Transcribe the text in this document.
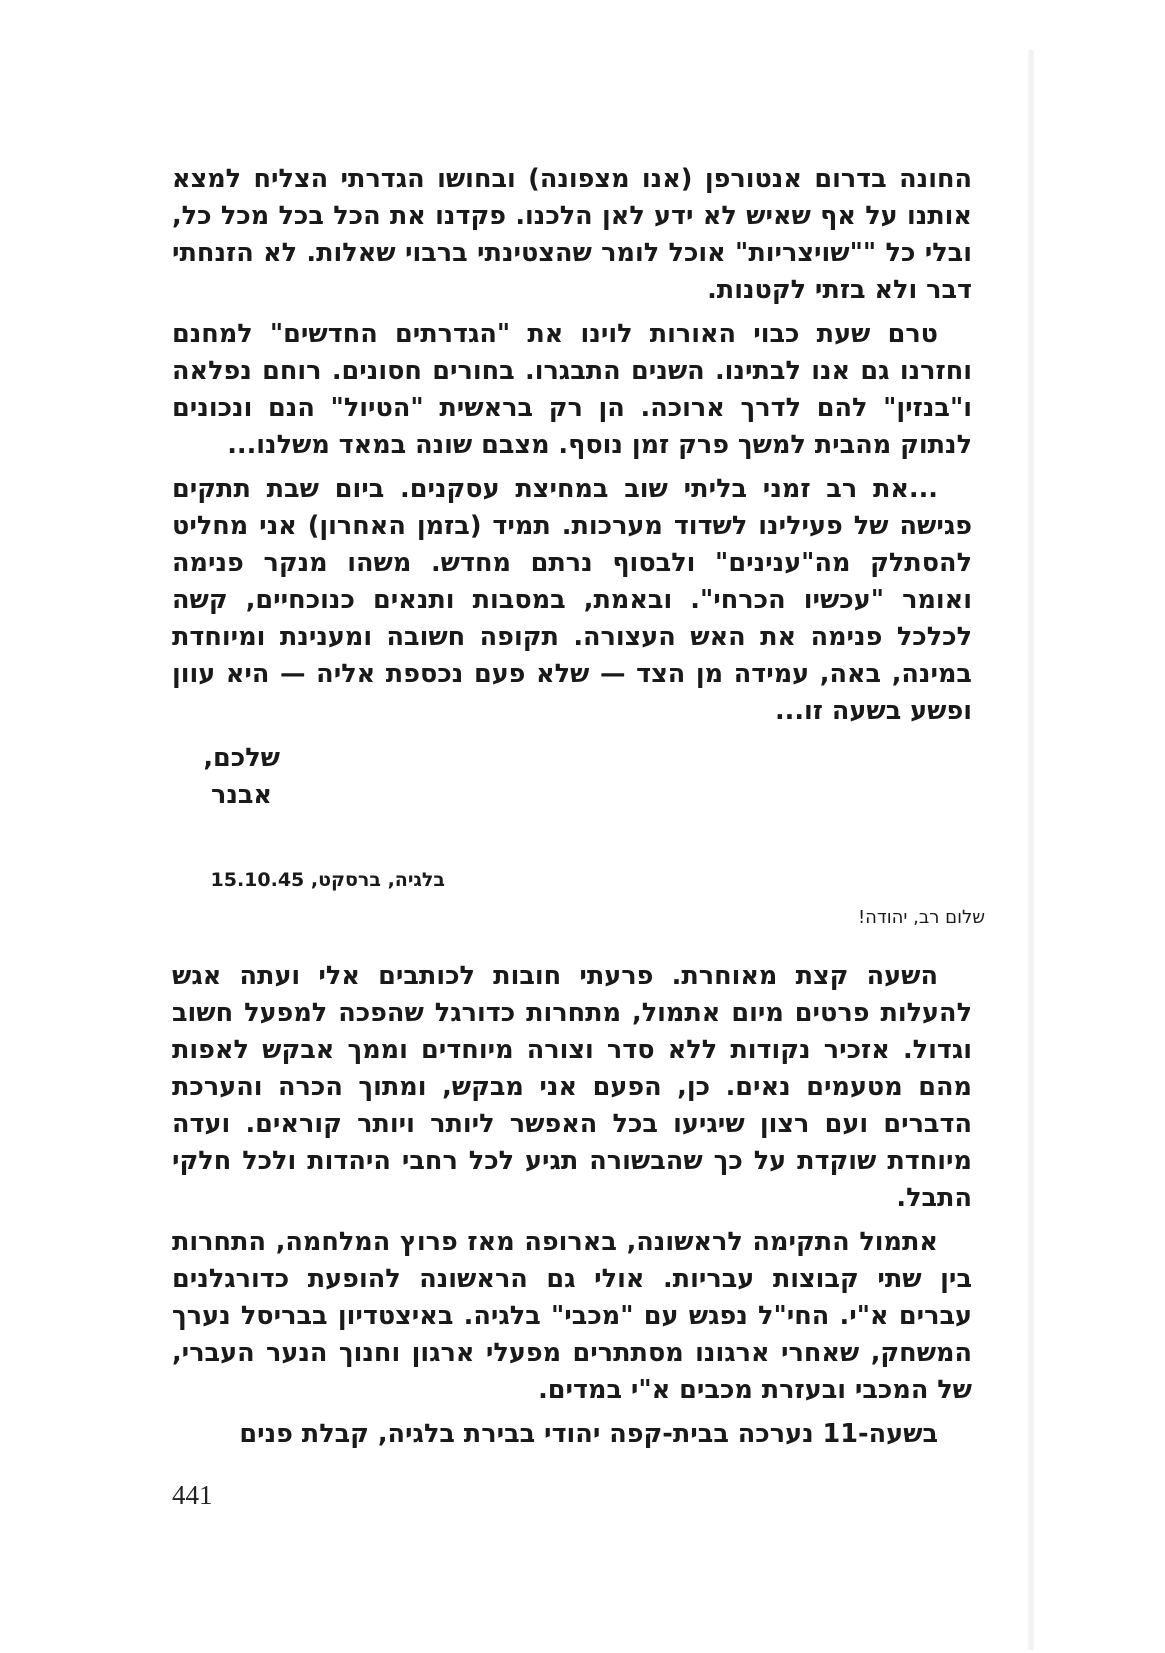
החונה בדרום אנטורפן (אנו מצפונה) ובחושו הגדרתי הצליח למצא אותנו על אף שאיש לא ידע לאן הלכנו. פקדנו את הכל בכל מכל כל, ובלי כל ""שויצריות" אוכל לומר שהצטינתי ברבוי שאלות. לא הזנחתי דבר ולא בזתי לקטנות.

טרם שעת כבוי האורות לוינו את "הגדרתים החדשים" למחנם וחזרנו גם אנו לבתינו. השנים התבגרו. בחורים חסונים. רוחם נפלאה ו"בנזין" להם לדרך ארוכה. הן רק בראשית "הטיול" הנם ונכונים לנתוק מהבית למשך פרק זמן נוסף. מצבם שונה במאד משלנו...

...את רב זמני בליתי שוב במחיצת עסקנים. ביום שבת תתקים פגישה של פעילינו לשדוד מערכות. תמיד (בזמן האחרון) אני מחליט להסתלק מה"ענינים" ולבסוף נרתם מחדש. משהו מנקר פנימה ואומר "עכשיו הכרחי". ובאמת, במסבות ותנאים כנוכחיים, קשה לכלכל פנימה את האש העצורה. תקופה חשובה ומענינת ומיוחדת במינה, באה, עמידה מן הצד — שלא פעם נכספת אליה — היא עוון ופשע בשעה זו...

שלכם,
אבנר
בלגיה, ברסקט, 15.10.45
שלום רב, יהודה!

השעה קצת מאוחרת. פרעתי חובות לכותבים אלי ועתה אגש להעלות פרטים מיום אתמול, מתחרות כדורגל שהפכה למפעל חשוב וגדול. אזכיר נקודות ללא סדר וצורה מיוחדים וממך אבקש לאפות מהם מטעמים נאים. כן, הפעם אני מבקש, ומתוך הכרה והערכת הדברים ועם רצון שיגיעו בכל האפשר ליותר ויותר קוראים. ועדה מיוחדת שוקדת על כך שהבשורה תגיע לכל רחבי היהדות ולכל חלקי התבל.

אתמול התקימה לראשונה, בארופה מאז פרוץ המלחמה, התחרות בין שתי קבוצות עבריות. אולי גם הראשונה להופעת כדורגלנים עברים א"י. החי"ל נפגש עם "מכבי" בלגיה. באיצטדיון בבריסל נערך המשחק, שאחרי ארגונו מסתתרים מפעלי ארגון וחנוך הנער העברי, של המכבי ובעזרת מכבים א"י במדים.

בשעה-11 נערכה בבית-קפה יהודי בבירת בלגיה, קבלת פנים

441
